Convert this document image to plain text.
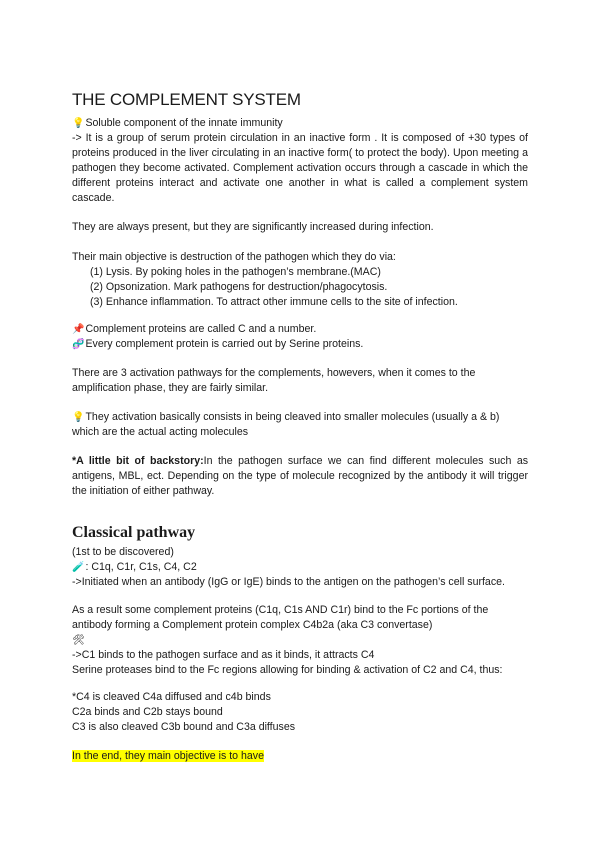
THE COMPLEMENT SYSTEM
💡Soluble component of the innate immunity
-> It is a group of serum protein circulation in an inactive form . It is composed of +30 types of proteins produced in the liver circulating in an inactive form( to protect the body). Upon meeting a pathogen they become activated. Complement activation occurs through a cascade in which the different proteins interact and activate one another in what is called a complement system cascade.
They are always present, but they are significantly increased during infection.
Their main objective is destruction of the pathogen which they do via:
(1) Lysis. By poking holes in the pathogen’s membrane.(MAC)
(2) Opsonization. Mark pathogens for destruction/phagocytosis.
(3) Enhance inflammation. To attract other immune cells to the site of infection.
📌Complement proteins are called C and a number.
🧬Every complement protein is carried out by Serine proteins.
There are 3 activation pathways for the complements, howevers, when it comes to the
amplification phase, they are fairly similar.
💡They activation basically consists in being cleaved into smaller molecules (usually a & b)
which are the actual acting molecules
*A little bit of backstory:In the pathogen surface we can find different molecules such as antigens, MBL, ect. Depending on the type of molecule recognized by the antibody it will trigger the initiation of either pathway.
Classical pathway
(1st to be discovered)
🧪: C1q, C1r, C1s, C4, C2
->Initiated when an antibody (IgG or IgE) binds to the antigen on the pathogen’s cell surface.
As a result some complement proteins (C1q, C1s AND C1r) bind to the Fc portions of the
antibody forming a Complement protein complex C4b2a (aka C3 convertase)
🛠
->C1 binds to the pathogen surface and as it binds, it attracts C4
Serine proteases bind to the Fc regions allowing for binding & activation of C2 and C4, thus:
*C4 is cleaved C4a diffused and c4b binds
C2a binds and C2b stays bound
C3 is also cleaved C3b bound and C3a diffuses
In the end, they main objective is to have
